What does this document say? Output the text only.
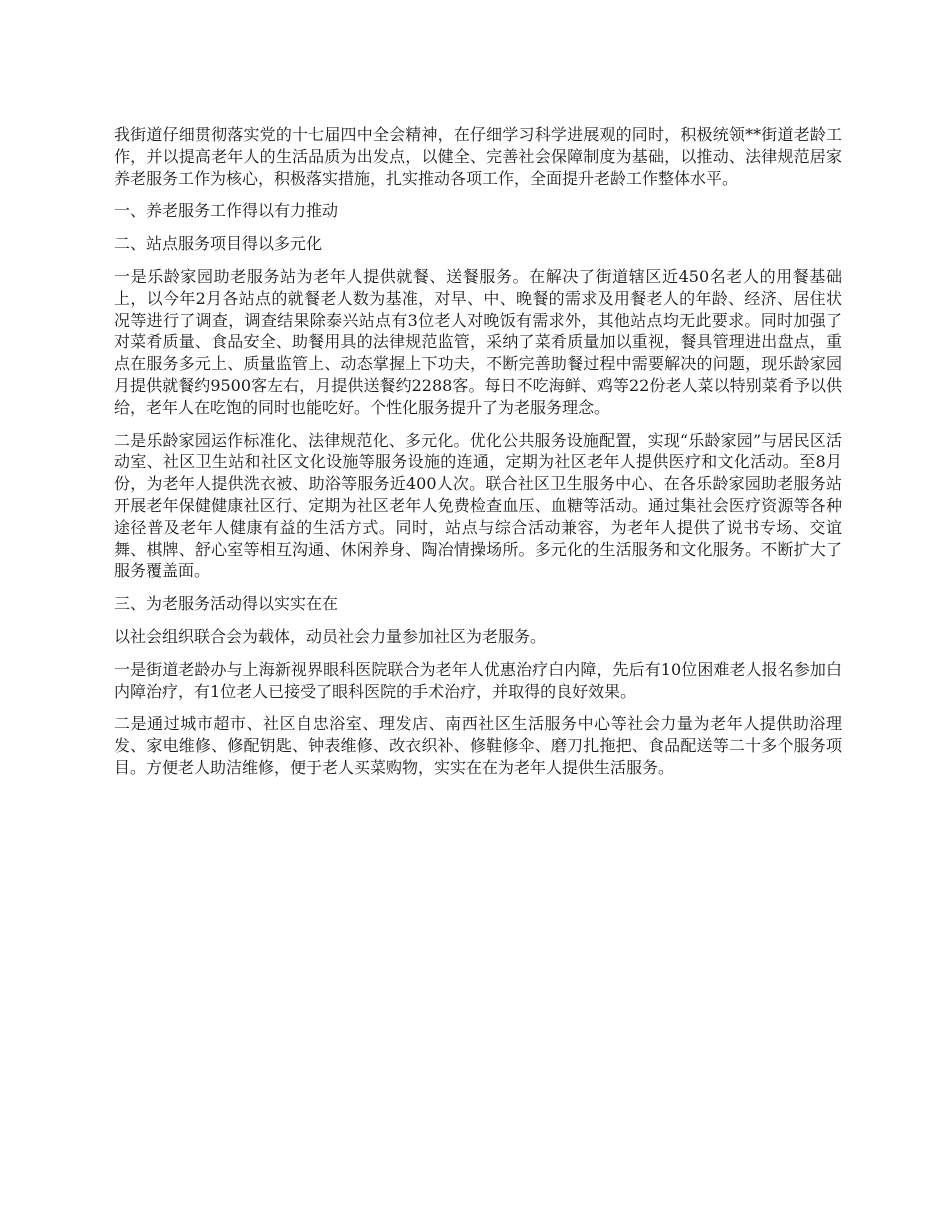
我街道仔细贯彻落实党的十七届四中全会精神，在仔细学习科学进展观的同时，积极统领**街道老龄工作，并以提高老年人的生活品质为出发点，以健全、完善社会保障制度为基础，以推动、法律规范居家养老服务工作为核心，积极落实措施，扎实推动各项工作，全面提升老龄工作整体水平。

一、养老服务工作得以有力推动

二、站点服务项目得以多元化

一是乐龄家园助老服务站为老年人提供就餐、送餐服务。在解决了街道辖区近450名老人的用餐基础上，以今年2月各站点的就餐老人数为基准，对早、中、晚餐的需求及用餐老人的年龄、经济、居住状况等进行了调查，调查结果除泰兴站点有3位老人对晚饭有需求外，其他站点均无此要求。同时加强了对菜肴质量、食品安全、助餐用具的法律规范监管，采纳了菜肴质量加以重视，餐具管理进出盘点，重点在服务多元上、质量监管上、动态掌握上下功夫，不断完善助餐过程中需要解决的问题，现乐龄家园月提供就餐约9500客左右，月提供送餐约2288客。每日不吃海鲜、鸡等22份老人菜以特别菜肴予以供给，老年人在吃饱的同时也能吃好。个性化服务提升了为老服务理念。

二是乐龄家园运作标准化、法律规范化、多元化。优化公共服务设施配置，实现“乐龄家园”与居民区活动室、社区卫生站和社区文化设施等服务设施的连通，定期为社区老年人提供医疗和文化活动。至8月份，为老年人提供洗衣被、助浴等服务近400人次。联合社区卫生服务中心、在各乐龄家园助老服务站开展老年保健健康社区行、定期为社区老年人免费检查血压、血糖等活动。通过集社会医疗资源等各种途径普及老年人健康有益的生活方式。同时，站点与综合活动兼容，为老年人提供了说书专场、交谊舞、棋牌、舒心室等相互沟通、休闲养身、陶冶情操场所。多元化的生活服务和文化服务。不断扩大了服务覆盖面。

三、为老服务活动得以实实在在

以社会组织联合会为载体，动员社会力量参加社区为老服务。

一是街道老龄办与上海新视界眼科医院联合为老年人优惠治疗白内障，先后有10位困难老人报名参加白内障治疗，有1位老人已接受了眼科医院的手术治疗，并取得的良好效果。

二是通过城市超市、社区自忠浴室、理发店、南西社区生活服务中心等社会力量为老年人提供助浴理发、家电维修、修配钥匙、钟表维修、改衣织补、修鞋修伞、磨刀扎拖把、食品配送等二十多个服务项目。方便老人助洁维修，便于老人买菜购物，实实在在为老年人提供生活服务。
